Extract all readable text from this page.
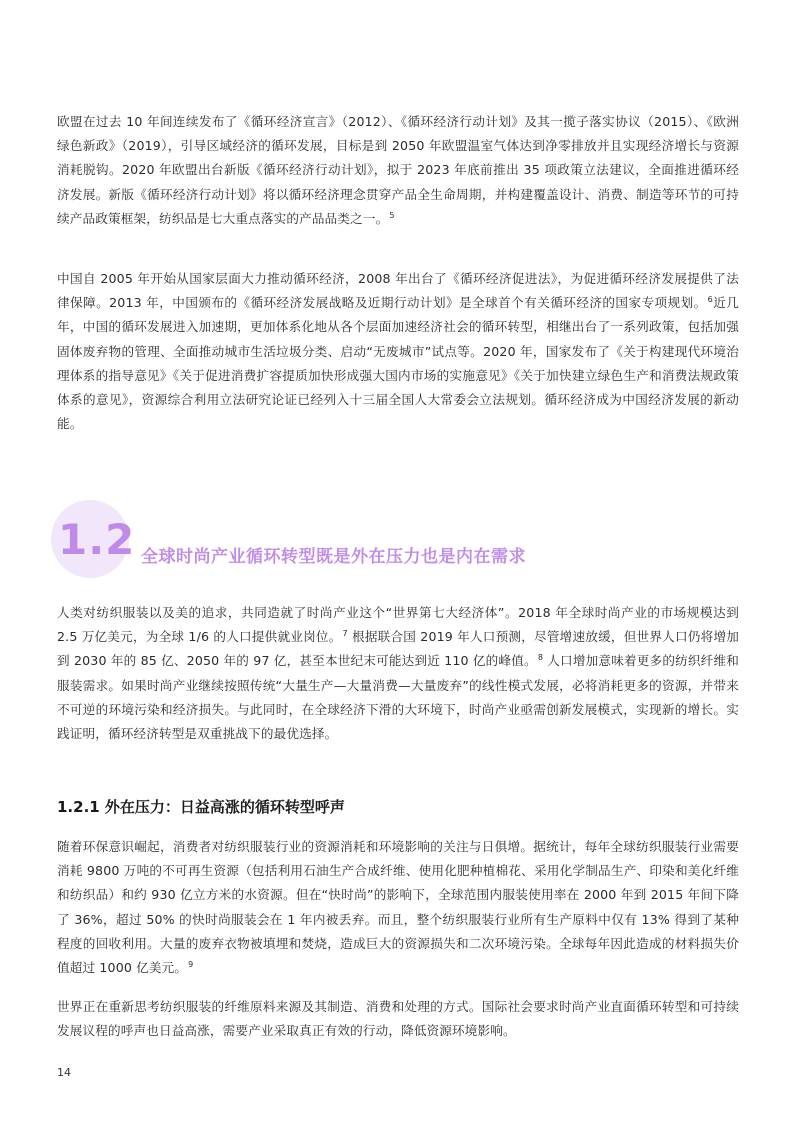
欧盟在过去 10 年间连续发布了《循环经济宣言》（2012）、《循环经济行动计划》及其一揽子落实协议（2015）、《欧洲绿色新政》（2019），引导区域经济的循环发展，目标是到 2050 年欧盟温室气体达到净零排放并且实现经济增长与资源消耗脱钩。2020 年欧盟出台新版《循环经济行动计划》，拟于 2023 年底前推出 35 项政策立法建议，全面推进循环经济发展。新版《循环经济行动计划》将以循环经济理念贯穿产品全生命周期，并构建覆盖设计、消费、制造等环节的可持续产品政策框架，纺织品是七大重点落实的产品品类之一。$^5$

中国自 2005 年开始从国家层面大力推动循环经济，2008 年出台了《循环经济促进法》，为促进循环经济发展提供了法律保障。2013 年，中国颁布的《循环经济发展战略及近期行动计划》是全球首个有关循环经济的国家专项规划。$^6$近几年，中国的循环发展进入加速期，更加体系化地从各个层面加速经济社会的循环转型，相继出台了一系列政策，包括加强固体废弃物的管理、全面推动城市生活垃圾分类、启动“无废城市”试点等。2020 年，国家发布了《关于构建现代环境治理体系的指导意见》《关于促进消费扩容提质加快形成强大国内市场的实施意见》《关于加快建立绿色生产和消费法规政策体系的意见》，资源综合利用立法研究论证已经列入十三届全国人大常委会立法规划。循环经济成为中国经济发展的新动能。

1.2 全球时尚产业循环转型既是外在压力也是内在需求

人类对纺织服装以及美的追求，共同造就了时尚产业这个“世界第七大经济体”。2018 年全球时尚产业的市场规模达到 2.5 万亿美元，为全球 1/6 的人口提供就业岗位。$^7$ 根据联合国 2019 年人口预测，尽管增速放缓，但世界人口仍将增加到 2030 年的 85 亿、2050 年的 97 亿，甚至本世纪末可能达到近 110 亿的峰值。$^8$ 人口增加意味着更多的纺织纤维和服装需求。如果时尚产业继续按照传统“大量生产—大量消费—大量废弃”的线性模式发展，必将消耗更多的资源，并带来不可逆的环境污染和经济损失。与此同时，在全球经济下滑的大环境下，时尚产业亟需创新发展模式，实现新的增长。实践证明，循环经济转型是双重挑战下的最优选择。

1.2.1 外在压力：日益高涨的循环转型呼声

随着环保意识崛起，消费者对纺织服装行业的资源消耗和环境影响的关注与日俱增。据统计，每年全球纺织服装行业需要消耗 9800 万吨的不可再生资源（包括利用石油生产合成纤维、使用化肥种植棉花、采用化学制品生产、印染和美化纤维和纺织品）和约 930 亿立方米的水资源。但在“快时尚”的影响下，全球范围内服装使用率在 2000 年到 2015 年间下降了 36%，超过 50% 的快时尚服装会在 1 年内被丢弃。而且，整个纺织服装行业所有生产原料中仅有 13% 得到了某种程度的回收利用。大量的废弃衣物被填埋和焚烧，造成巨大的资源损失和二次环境污染。全球每年因此造成的材料损失价值超过 1000 亿美元。$^9$

世界正在重新思考纺织服装的纤维原料来源及其制造、消费和处理的方式。国际社会要求时尚产业直面循环转型和可持续发展议程的呼声也日益高涨，需要产业采取真正有效的行动，降低资源环境影响。

14
